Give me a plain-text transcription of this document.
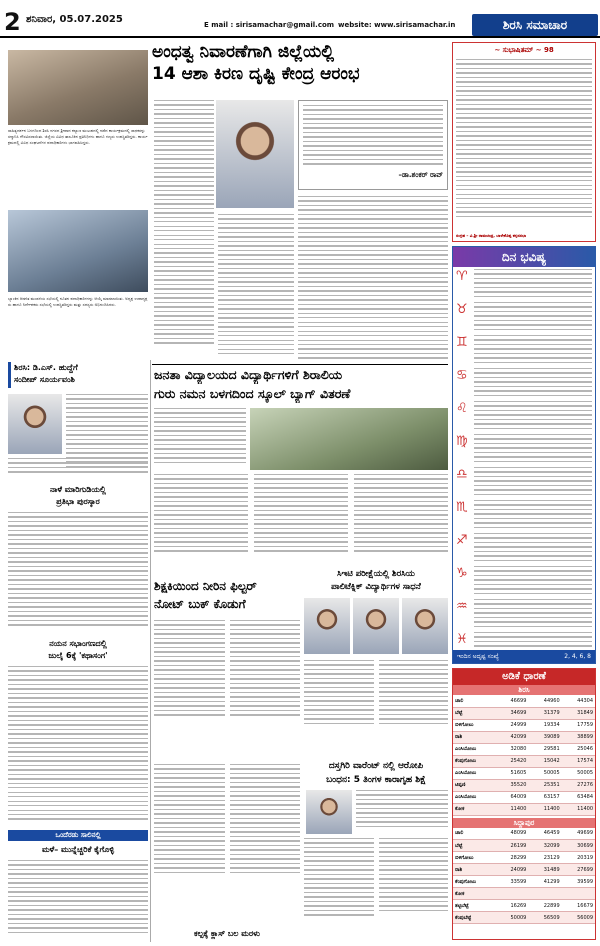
2 ಶನಿವಾರ, 05.07.2025	E mail : sirisamachar@gmail.com website: www.sirisamachar.in	ಶಿರಸಿ ಸಮಾಚಾರ
ಸಾಹಿತ್ಯದರ್ಶನ ಬಳಗದಿಂದ ಶಿರಸಿ ನಗರದ ಶ್ರೀಪಾದ ಕಲ್ಯಾಣ ಮಂಟಪದಲ್ಲಿ ನಡೆದ ಕಾರ್ಯಕ್ರಮದಲ್ಲಿ ಸಾಧಕರನ್ನು ಸನ್ಮಾನಿಸಿ ಗೌರವಿಸಲಾಯಿತು. ಜಿಲ್ಲೆಯ ವಿವಿಧ ತಾಲೂಕಿನ ಪ್ರತಿನಿಧಿಗಳು ಹಾಗೂ ಗಣ್ಯರು ಉಪಸ್ಥಿತರಿದ್ದರು. ಕಾರ್ಯಕ್ರಮದಲ್ಲಿ ವಿವಿಧ ಸಂಘಟನೆಗಳ ಪದಾಧಿಕಾರಿಗಳು ಭಾಗವಹಿಸಿದ್ದರು.
ಬ್ಯಾಂಕಿನ ಆಡಳಿತ ಮಂಡಳಿಯ ಸಭೆಯಲ್ಲಿ ನೂತನ ಪದಾಧಿಕಾರಿಗಳನ್ನು ಆಯ್ಕೆ ಮಾಡಲಾಯಿತು. ಅಧ್ಯಕ್ಷ ಉಪಾಧ್ಯಕ್ಷರು ಹಾಗೂ ನಿರ್ದೇಶಕರು ಸಭೆಯಲ್ಲಿ ಉಪಸ್ಥಿತರಿದ್ದರು ಮತ್ತು ಸದಸ್ಯರು ಅಭಿನಂದಿಸಿದರು.
ಅಂಧತ್ವ ನಿವಾರಣೆಗಾಗಿ ಜಿಲ್ಲೆಯಲ್ಲಿ
14 ಆಶಾ ಕಿರಣ ದೃಷ್ಟಿ ಕೇಂದ್ರ ಆರಂಭ
–ಡಾ.ಶಂಕರ್ ರಾವ್
~ ಸುಭಾಷಿತಮ್ ~ 98
ಸಂಗ್ರಹ – ವಿ.ಶ್ರೀ ರಾಮಚಂದ್ರ, ಬಾಳೇಕೊಪ್ಪ ಕನ್ನಡಸಭಾ
ದಿನ ಭವಿಷ್ಯ
♈
♉
♊
♋
♌
♍
♎
♏
♐
♑
♒
♓
ಇಂದಿನ ಅದೃಷ್ಟ ಸಂಖ್ಯೆ	2, 4, 6, 8
ಅಡಿಕೆ ಧಾರಣೆ
ಶಿರಸಿ
ಚಾಲಿ	46699	44960	44304
ಬೆಟ್ಟೆ	34699	31379	31849
ಬಿಳಿಗೋಟು	24999	19334	17759
ರಾಶಿ	42099	39089	38899
ಎಂಸಿಬೋಟು	32080	29581	25046
ಕೆಂಪುಗೋಟು	25420	15042	17574
ಎಂಸಿಬೋಟು	51605	50005	50005
ಟಿಪ್ಪಣಿ	35520	25351	27276
ಎಂಸಿಬೋಟು	64009	63157	63484
ಕೋಕ	11400	11400	11400
ಸಿದ್ದಾಪುರ
ಚಾಲಿ	48099	46459	49699
ಬೆಟ್ಟೆ	26199	32099	30699
ಬಿಳಿಗೋಟು	28299	23129	20319
ರಾಶಿ	24099	31489	27699
ಕೆಂಪುಗೋಟು	33599	41299	39599
ಕೋಕ			
ತಟ್ಟಿಬೆಟ್ಟೆ	16269	22899	16679
ಕೆಂಪುಬೆಟ್ಟೆ	50009	56509	56009
ಶಿರಸಿ: ಡಿ.ಎಸ್. ಹುದ್ದೆಗೆ
ಸಂದೀಪ್ ಸೂರ್ಯವಂಶಿ
ನಾಳೆ ಮಾರಿಗುಡಿಯಲ್ಲಿ
ಪ್ರತಿಭಾ ಪುರಸ್ಕಾರ
ನಯನ ಸಭಾಂಗಣದಲ್ಲಿ
ಜುಲೈ 6ಕ್ಕೆ 'ಕಥಾಸಂಗ'
ಒಂದೆರಡು ಸಾಲಿನಲ್ಲಿ
ಮಳೆ– ಮುನ್ನೆಚ್ಚರಿಕೆ ಕೈಗೊಳ್ಳಿ
ಜನತಾ ವಿದ್ಯಾಲಯದ ವಿದ್ಯಾರ್ಥಿಗಳಿಗೆ ಶಿರಾಲಿಯ
ಗುರು ನಮನ ಬಳಗದಿಂದ ಸ್ಕೂಲ್ ಬ್ಯಾಗ್ ವಿತರಣೆ
ಶಿಕ್ಷಕಿಯಿಂದ ನೀರಿನ ಫಿಲ್ಟರ್
ನೋಟ್ ಬುಕ್ ಕೊಡುಗೆ
ಸಿಇಟಿ ಪರೀಕ್ಷೆಯಲ್ಲಿ ಶಿರಸಿಯ
ಪಾಲಿಟೆಕ್ನಿಕ್ ವಿದ್ಯಾರ್ಥಿಗಳ ಸಾಧನೆ
ದಸ್ತಗಿರಿ ವಾರೆಂಟ್ ನಲ್ಲಿ ಆರೋಪಿ
ಬಂಧನ: 5 ತಿಂಗಳ ಕಾರಾಗೃಹ ಶಿಕ್ಷೆ
ಕಲ್ಪಕ್ಕೆ ಕ್ಲಾಸ್ ಬಲ ಮರಳು
